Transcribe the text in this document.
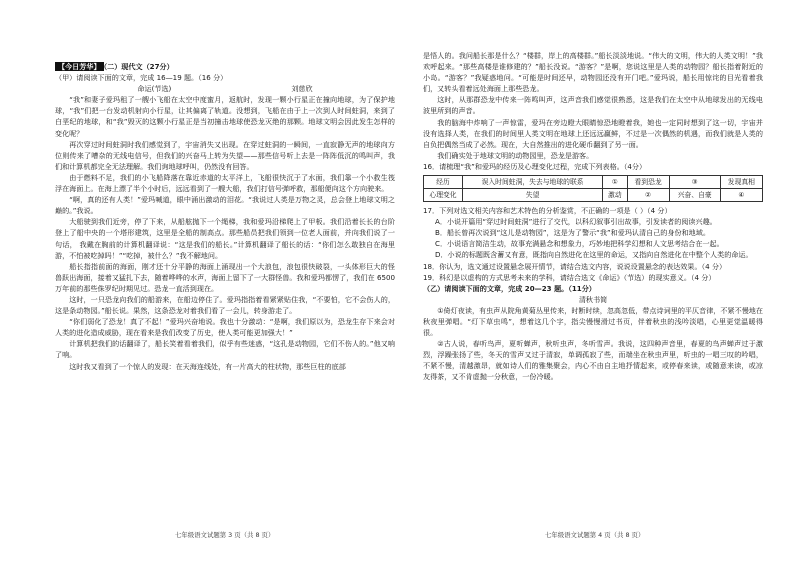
【今日芳华】 （二）现代文（27分）

（甲）请阅读下面的文章，完成 16—19 题。（16 分）

命运(节选)	刘慈欣

“我”和妻子爱玛租了一艘小飞船在太空中度蜜月，返航时，发现一颗小行星正在撞向地球，为了保护地球，“我”们把一台发动机射向小行星，让其偏离了轨道。没想到，飞船在由于上一次到人时间蛀洞，来到了白垩纪的地球，和“我”毁灭的这颗小行星正是当初撞击地球使恐龙灭绝的那颗。地球文明会因此发生怎样的变化呢？

再次穿过时间蛀洞时我们感觉到了，宇宙消失又出现。在穿过蛀洞的一瞬间，一直寂静无声的地球向方位则传来了嘈杂的无线电信号，但我们的兴奋马上转为失望——那些信号听上去是一阵阵低沉的鸣叫声，我们和计算机都完全无法理解。我们询地球呼叫，仍然没有回答。

由于燃料不足，我们的小飞船降落在靠近赤道的太平洋上，飞船很快沉于了水面，我们靠一个小救生筏浮在海面上。在海上漂了半个小时后，远远看到了一艘大船，我们打信号弹呼救，那船便向这个方向驶来。

“啊，真的还有人类！”爱玛喊道，眼中涌出激动的泪花。“我说过人类是万物之灵，总会登上地球文明之巅的。”我说。

大船驶到我们近旁，停了下来，从船舷抛下一个绳梯，我和爱玛沿梯爬上了甲板。我们沿着长长的台阶登上了船中央的一个塔形建筑，这里是全船的制高点。那些船员把我们领到一位老人面前，并向我们说了一句话， 我戴在胸前的计算机翻译说：“这是我们的船长。”计算机翻译了船长的话：“你们怎么敢独自在海里游，不怕被吃掉吗！”“吃掉，被什么？”我不解地问。

船长指指前面的海面，刚才还十分平静的海面上涌现出一个大浪包，浪包很快破裂，一头体形巨大的怪兽跃出海面，接着又猛扎下去，随着哗哗的水声，海面上留下了一大群怪兽。我和爱玛都愣了，我们在 6500 万年前的那些侏罗纪时期见过。恐龙一直活到现在。

这时，一只恐龙向我们的船游来，在船边停住了。爱玛指指着看紧紧贴住我，“不要怕，它不会伤人的，这是条动物园。”船长说。果然，这条恐龙对着我们看了一会儿，转身游走了。

“你们弱化了恐龙！真了不起！”爱玛兴奋地说。我也十分激动：“是啊，我们原以为，恐龙生存下来会对人类的进化造成威胁，现在看来是我们改变了历史，使人类可能更加强大！”

计算机把我们的话翻译了，船长笑着看着我们，似乎有些迷惑，“这孔是动物园，它们不伤人的。”他又响了响。

这时我又看到了一个惊人的发现：在天海连线处，有一片高大的柱状物，那些巨柱的底部

七年级语文试题第 3 页（共 8 页）

是悟人的。我问船长那是什么？“楼群，岸上的高楼群。”船长淡淡地说。“伟大的文明，伟大的人类文明！”我欢呼起来。“那些高楼是谁修建的？”船长没说。“游客？”是啊，您说这里是人类的动物园？船长指着附近的小岛。“游客？”我疑惑地问。“可能是时间还早，动物园还没有开门吧。”爱玛说，船长用惊诧的目光看着我们，又转头看着远处海面上那些恐龙。

这时，从那群恐龙中传来一阵鸣叫声，这声音我们感觉很熟悉，这是我们在太空中从地球发出的无线电波里所到的声音。

我的脑海中炸响了一声惊雷，爱玛在旁边瞪大眼睛惊恐地瞪着我，她也一定同时想到了这一切，宇宙并没有选择人类，在我们的时间里人类文明在地球上还远远赢鲜，不过是一次偶然的机遇，而我们就是人类的自负把偶然当成了必然。现在，大自然推出的进化硬币翻到了另一面。

我们确实处于地球文明的动物园里，恐龙是游客。

16．请梳理“我”和爱玛的经历及心理变化过程，完成下列表格。（4分）

经历	误入时间蛀洞，失去与地球的联系	①	看到恐龙	③	发现真相
心理变化	失望	激动	②	兴奋、自豪	④

17．下列对选文相关内容和艺术特色的分析鉴赏，不正确的一项是（ ）（4 分）

A．小说开篇用“穿过时间蛀洞”进行了交代，以科幻叙事引出故事，引发读者的阅读兴趣。

B．船长曾再次说到“这儿是动物园”，这是为了警示“我”和爱玛认清自己的身份和地域。

C．小说语言简洁生动，故事充满悬念和想象力，巧妙地把科学幻想和人文思考结合在一起。

D．小说的标题既含蓄又有意，既指向自然进化在这里的命运，又指向自然进化在中整个人类的命运。

18．你认为，选文通过设置悬念展开情节，请结合选文内容，说说设置悬念的表达效果。（4 分）

19．科幻是以虚构的方式思考未来的学科，请结合选文《命运》（节选）的现实意义。（4 分）

（乙）请阅读下面的文章，完成 20—23 题。（11分）

清秋书简

①倚灯夜读，有虫声从院角黄菊丛里传来，时断时续，忽高忽低，带点诗词里的平仄音律，不紧不慢地在秋夜里弹唱。“灯下草虫鸣”，想着这几个字，指尖慢慢滑过书页，伴着秋虫的浅吟淡唱，心里更觉温暖得很。

②古人说，春听鸟声，夏听蝉声，秋听虫声，冬听雪声。我说，这四种声音里，春夏的鸟声蝉声过于激烈，浮躁张扬了些，冬天的雪声又过于清寂，单调孤寂了些，而端坐在秋虫声里，听虫的一唱三叹的吟唱，不紧不慢，清越激昂，就如诗人们的雅集聚会，内心不由自主地抒情起来，或停春来读，或随意来读，或凉友得茶，又不肯虚抛一分秋意，一份冷暖。

七年级语文试题第 4 页（共 8 页）
